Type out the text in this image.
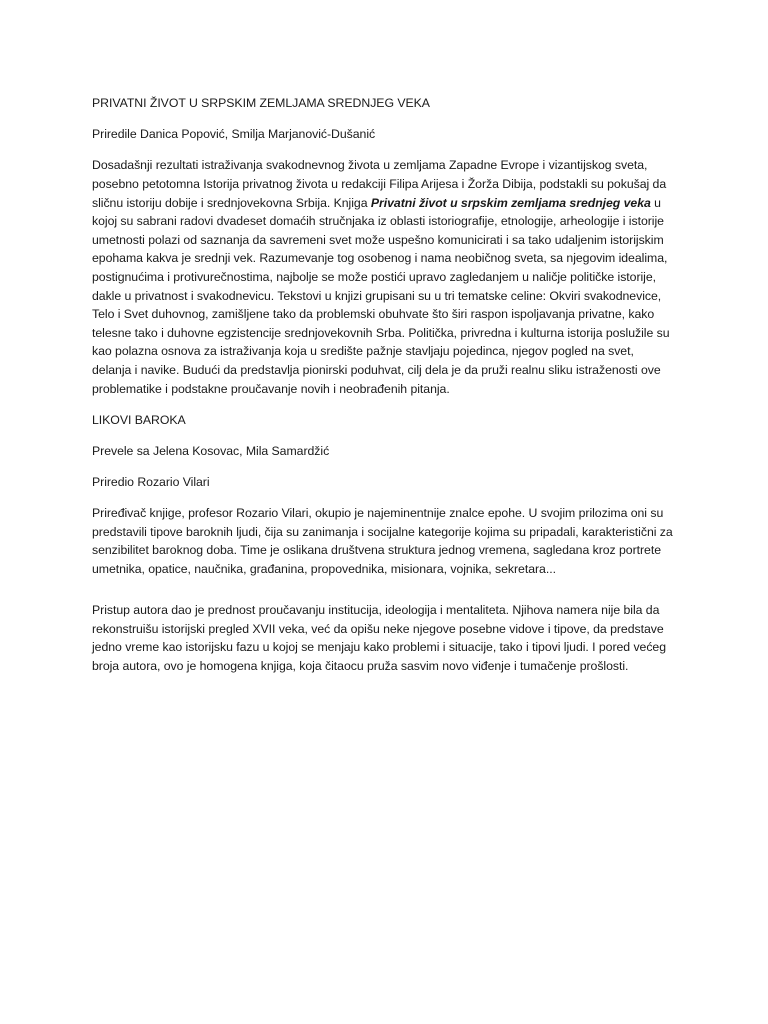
PRIVATNI ŽIVOT U SRPSKIM ZEMLJAMA SREDNJEG VEKA

Priredile Danica Popović, Smilja Marjanović-Dušanić

Dosadašnji rezultati istraživanja svakodnevnog života u zemljama Zapadne Evrope i vizantijskog sveta, posebno petotomna Istorija privatnog života u redakciji Filipa Arijesa i Žorža Dibija, podstakli su pokušaj da sličnu istoriju dobije i srednjovekovna Srbija. Knjiga Privatni život u srpskim zemljama srednjeg veka u kojoj su sabrani radovi dvadeset domaćih stručnjaka iz oblasti istoriografije, etnologije, arheologije i istorije umetnosti polazi od saznanja da savremeni svet može uspešno komunicirati i sa tako udaljenim istorijskim epohama kakva je srednji vek. Razumevanje tog osobenog i nama neobičnog sveta, sa njegovim idealima, postignućima i protivurečnostima, najbolje se može postići upravo zagledanjem u naličje političke istorije, dakle u privatnost i svakodnevicu. Tekstovi u knjizi grupisani su u tri tematske celine: Okviri svakodnevice, Telo i Svet duhovnog, zamišljene tako da problemski obuhvate što širi raspon ispoljavanja privatne, kako telesne tako i duhovne egzistencije srednjovekovnih Srba. Politička, privredna i kulturna istorija poslužile su kao polazna osnova za istraživanja koja u središte pažnje stavljaju pojedinca, njegov pogled na svet, delanja i navike. Budući da predstavlja pionirski poduhvat, cilj dela je da pruži realnu sliku istraženosti ove problematike i podstakne proučavanje novih i neobrađenih pitanja.

LIKOVI BAROKA

Prevele sa Jelena Kosovac, Mila Samardžić

Priredio Rozario Vilari

Priređivač knjige, profesor Rozario Vilari, okupio je najeminentnije znalce epohe. U svojim prilozima oni su predstavili tipove baroknih ljudi, čija su zanimanja i socijalne kategorije kojima su pripadali, karakteristični za senzibilitet baroknog doba. Time je oslikana društvena struktura jednog vremena, sagledana kroz portrete umetnika, opatice, naučnika, građanina, propovednika, misionara, vojnika, sekretara...

Pristup autora dao je prednost proučavanju institucija, ideologija i mentaliteta. Njihova namera nije bila da rekonstruišu istorijski pregled XVII veka, već da opišu neke njegove posebne vidove i tipove, da predstave jedno vreme kao istorijsku fazu u kojoj se menjaju kako problemi i situacije, tako i tipovi ljudi. I pored većeg broja autora, ovo je homogena knjiga, koja čitaocu pruža sasvim novo viđenje i tumačenje prošlosti.
